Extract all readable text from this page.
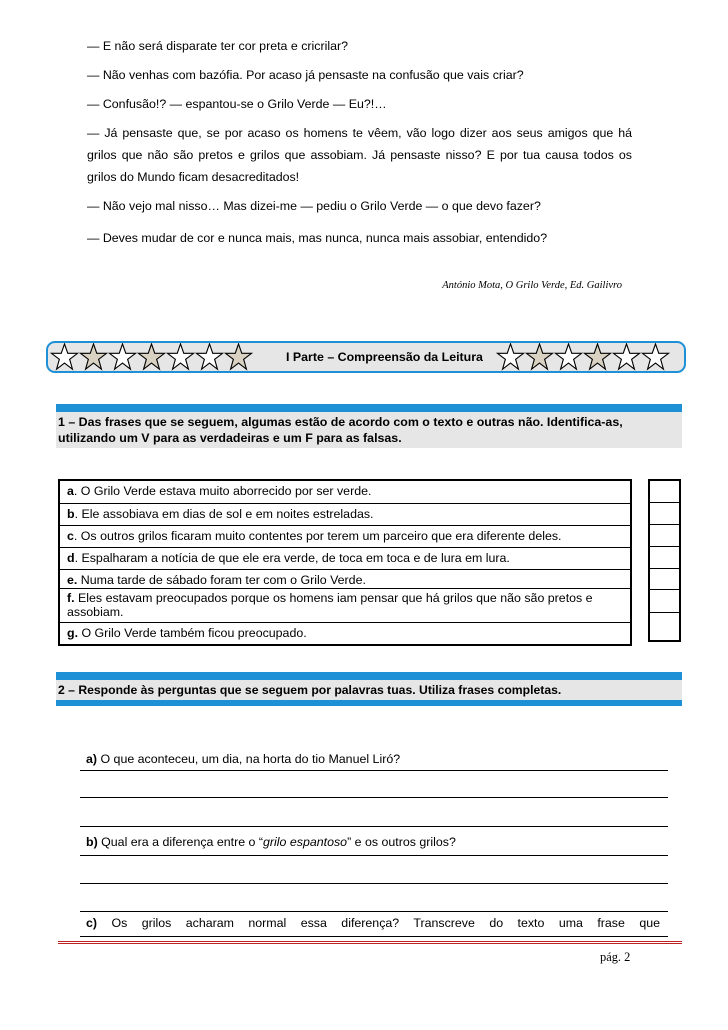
— E não será disparate ter cor preta e cricrilar?
— Não venhas com bazófia. Por acaso já pensaste na confusão que vais criar?
— Confusão!? — espantou-se o Grilo Verde — Eu?!…
— Já pensaste que, se por acaso os homens te vêem, vão logo dizer aos seus amigos que há grilos que não são pretos e grilos que assobiam. Já pensaste nisso? E por tua causa todos os grilos do Mundo ficam desacreditados!
— Não vejo mal nisso… Mas dizei-me — pediu o Grilo Verde — o que devo fazer?
— Deves mudar de cor e nunca mais, mas nunca, nunca mais assobiar, entendido?
António Mota, O Grilo Verde, Ed. Gailivro
I Parte – Compreensão da Leitura
1 – Das frases que se seguem, algumas estão de acordo com o texto e outras não. Identifica-as, utilizando um V para as verdadeiras e um F para as falsas.
a. O Grilo Verde estava muito aborrecido por ser verde.
b. Ele assobiava em dias de sol e em noites estreladas.
c. Os outros grilos ficaram muito contentes por terem um parceiro que era diferente deles.
d. Espalharam a notícia de que ele era verde, de toca em toca e de lura em lura.
e. Numa tarde de sábado foram ter com o Grilo Verde.
f. Eles estavam preocupados porque os homens iam pensar que há grilos que não são pretos e assobiam.
g. O Grilo Verde também ficou preocupado.
2 – Responde às perguntas que se seguem por palavras tuas. Utiliza frases completas.
a) O que aconteceu, um dia, na horta do tio Manuel Liró?
b) Qual era a diferença entre o “grilo espantoso” e os outros grilos?
c) Os grilos acharam normal essa diferença? Transcreve do texto uma frase que
pág. 2
